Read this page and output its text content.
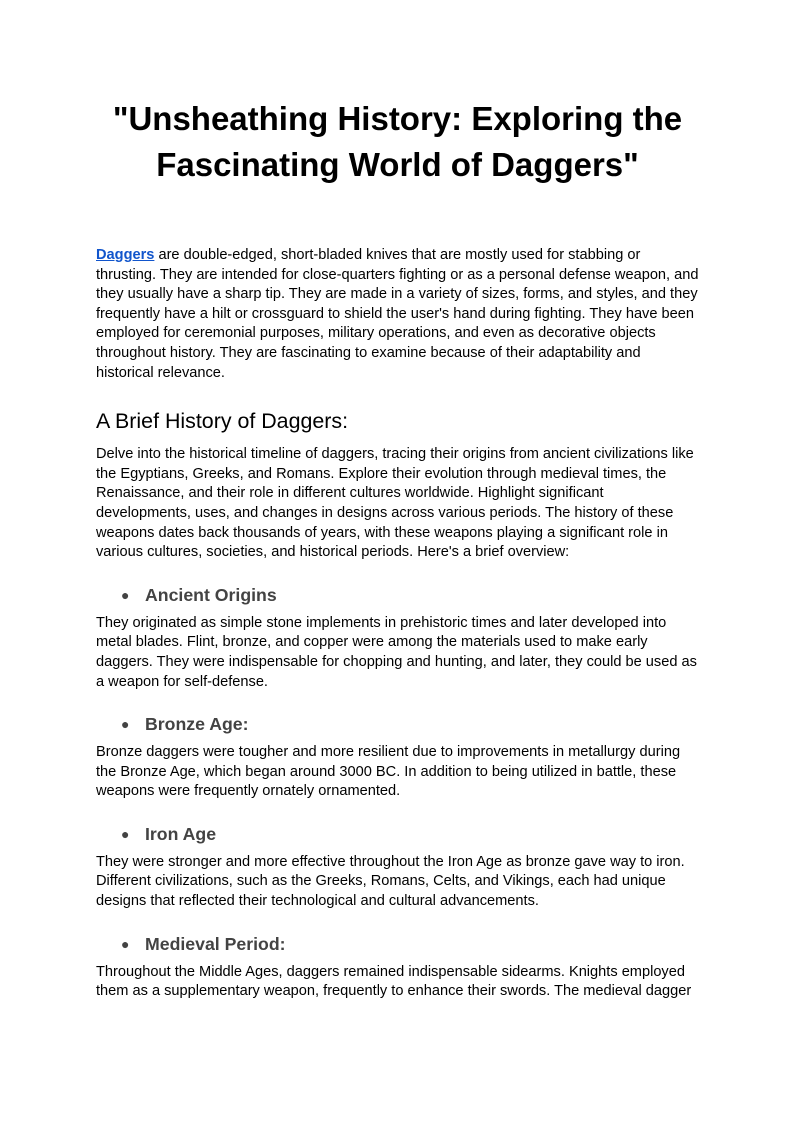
"Unsheathing History: Exploring the Fascinating World of Daggers"

Daggers are double-edged, short-bladed knives that are mostly used for stabbing or thrusting. They are intended for close-quarters fighting or as a personal defense weapon, and they usually have a sharp tip. They are made in a variety of sizes, forms, and styles, and they frequently have a hilt or crossguard to shield the user's hand during fighting. They have been employed for ceremonial purposes, military operations, and even as decorative objects throughout history. They are fascinating to examine because of their adaptability and historical relevance.

A Brief History of Daggers:

Delve into the historical timeline of daggers, tracing their origins from ancient civilizations like the Egyptians, Greeks, and Romans. Explore their evolution through medieval times, the Renaissance, and their role in different cultures worldwide. Highlight significant developments, uses, and changes in designs across various periods. The history of these weapons dates back thousands of years, with these weapons playing a significant role in various cultures, societies, and historical periods. Here's a brief overview:

● Ancient Origins

They originated as simple stone implements in prehistoric times and later developed into metal blades. Flint, bronze, and copper were among the materials used to make early daggers. They were indispensable for chopping and hunting, and later, they could be used as a weapon for self-defense.

● Bronze Age:

Bronze daggers were tougher and more resilient due to improvements in metallurgy during the Bronze Age, which began around 3000 BC. In addition to being utilized in battle, these weapons were frequently ornately ornamented.

● Iron Age

They were stronger and more effective throughout the Iron Age as bronze gave way to iron. Different civilizations, such as the Greeks, Romans, Celts, and Vikings, each had unique designs that reflected their technological and cultural advancements.

● Medieval Period:

Throughout the Middle Ages, daggers remained indispensable sidearms. Knights employed them as a supplementary weapon, frequently to enhance their swords. The medieval dagger
